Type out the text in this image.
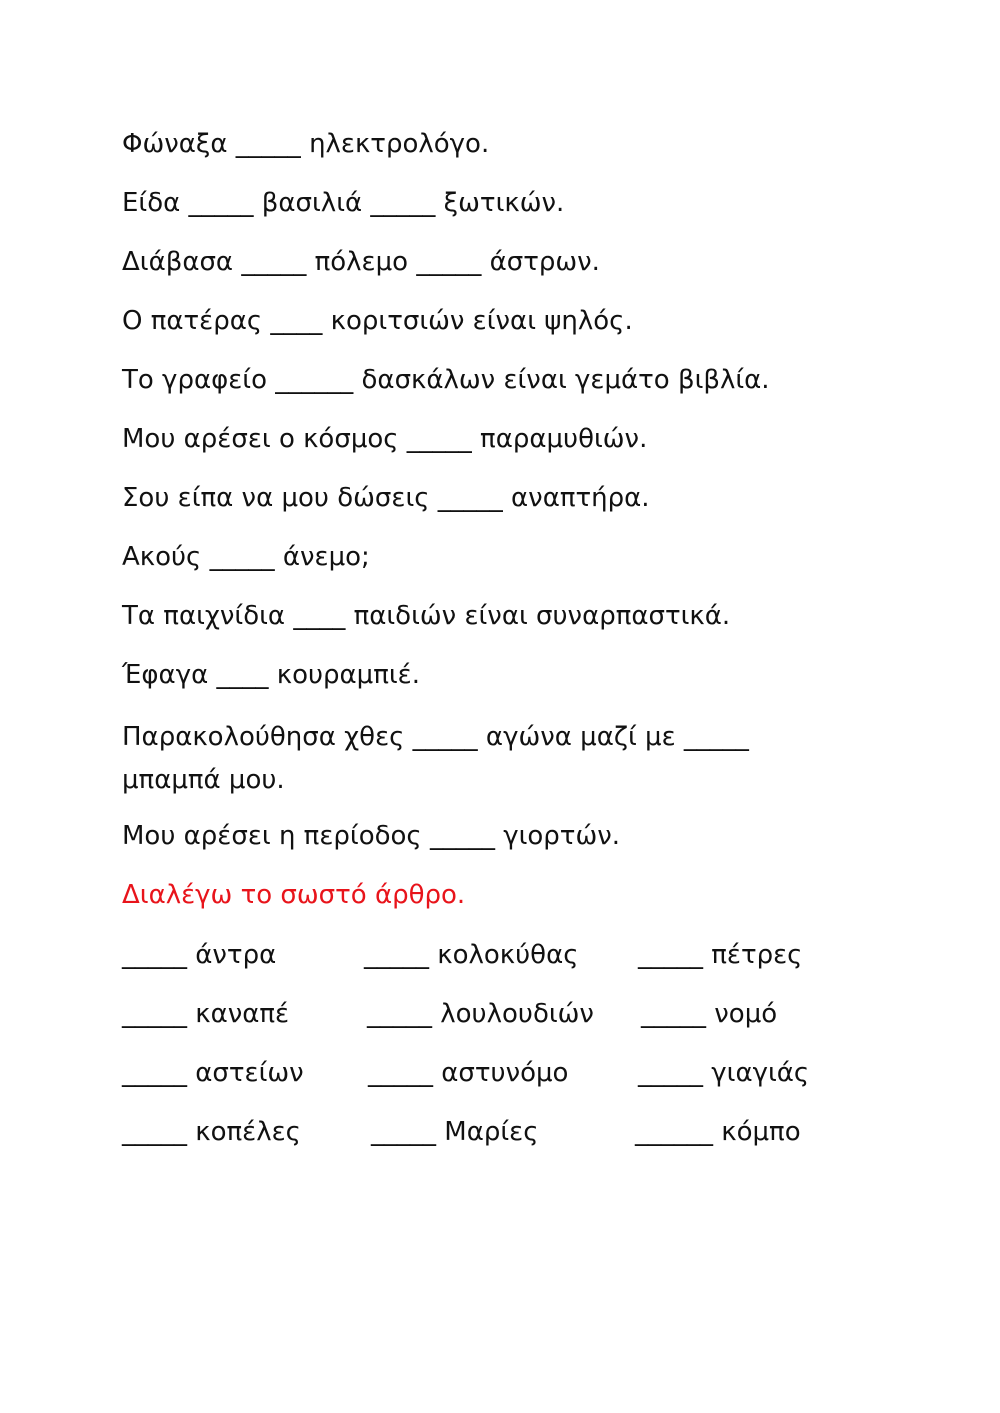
Φώναξα _____ ηλεκτρολόγο.

Είδα _____ βασιλιά _____ ξωτικών.

Διάβασα _____ πόλεμο _____ άστρων.

Ο πατέρας ____ κοριτσιών είναι ψηλός.

Το γραφείο ______ δασκάλων είναι γεμάτο βιβλία.

Μου αρέσει ο κόσμος _____ παραμυθιών.

Σου είπα να μου δώσεις _____ αναπτήρα.

Ακούς _____ άνεμο;

Τα παιχνίδια ____ παιδιών είναι συναρπαστικά.

Έφαγα ____ κουραμπιέ.

Παρακολούθησα χθες _____ αγώνα μαζί με _____ μπαμπά μου.

Μου αρέσει η περίοδος _____ γιορτών.

Διαλέγω το σωστό άρθρο.

_____ άντρα	_____ κολοκύθας _____ πέτρες

_____ καναπέ	_____ λουλουδιών _____ νομό

_____ αστείων _____ αστυνόμο	_____ γιαγιάς

_____ κοπέλες	_____ Μαρίες	______ κόμπο
